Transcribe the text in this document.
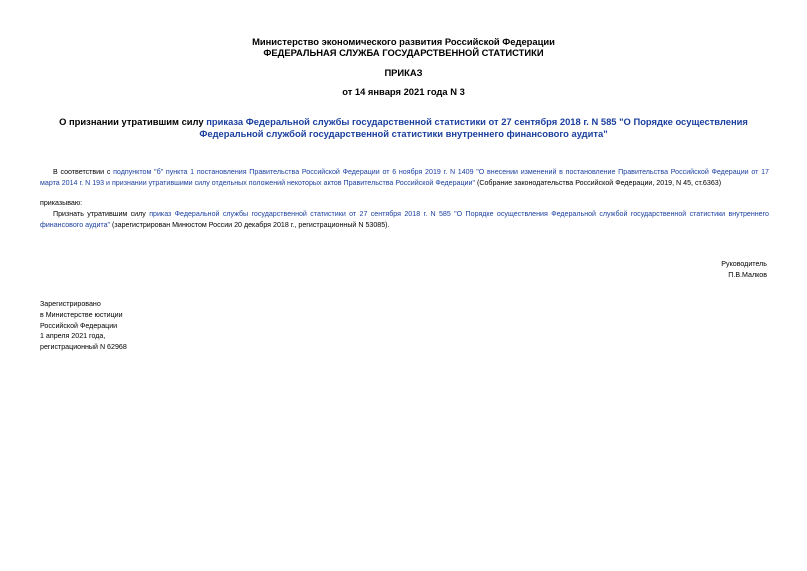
Министерство экономического развития Российской Федерации
ФЕДЕРАЛЬНАЯ СЛУЖБА ГОСУДАРСТВЕННОЙ СТАТИСТИКИ
ПРИКАЗ
от 14 января 2021 года N 3
О признании утратившим силу приказа Федеральной службы государственной статистики от 27 сентября 2018 г. N 585 "О Порядке осуществления Федеральной службой государственной статистики внутреннего финансового аудита"
В соответствии с подпунктом "б" пункта 1 постановления Правительства Российской Федерации от 6 ноября 2019 г. N 1409 "О внесении изменений в постановление Правительства Российской Федерации от 17 марта 2014 г. N 193 и признании утратившими силу отдельных положений некоторых актов Правительства Российской Федерации" (Собрание законодательства Российской Федерации, 2019, N 45, ст.6363)
приказываю:
Признать утратившим силу приказ Федеральной службы государственной статистики от 27 сентября 2018 г. N 585 "О Порядке осуществления Федеральной службой государственной статистики внутреннего финансового аудита" (зарегистрирован Минюстом России 20 декабря 2018 г., регистрационный N 53085).
Руководитель
П.В.Малков
Зарегистрировано
в Министерстве юстиции
Российской Федерации
1 апреля 2021 года,
регистрационный N 62968
